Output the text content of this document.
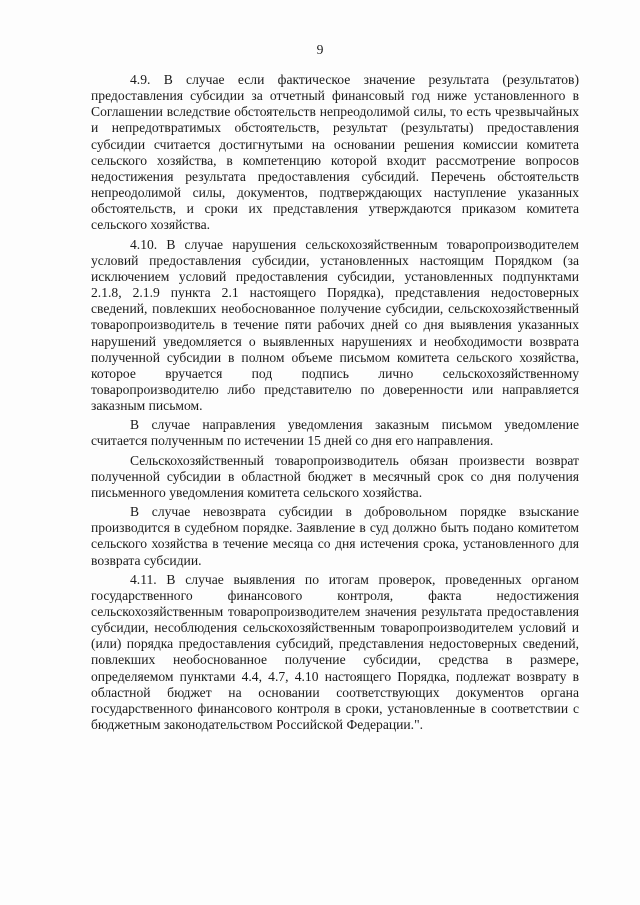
9

4.9. В случае если фактическое значение результата (результатов) предоставления субсидии за отчетный финансовый год ниже установленного в Соглашении вследствие обстоятельств непреодолимой силы, то есть чрезвычайных и непредотвратимых обстоятельств, результат (результаты) предоставления субсидии считается достигнутыми на основании решения комиссии комитета сельского хозяйства, в компетенцию которой входит рассмотрение вопросов недостижения результата предоставления субсидий. Перечень обстоятельств непреодолимой силы, документов, подтверждающих наступление указанных обстоятельств, и сроки их представления утверждаются приказом комитета сельского хозяйства.

4.10. В случае нарушения сельскохозяйственным товаропроизводителем условий предоставления субсидии, установленных настоящим Порядком (за исключением условий предоставления субсидии, установленных подпунктами 2.1.8, 2.1.9 пункта 2.1 настоящего Порядка), представления недостоверных сведений, повлекших необоснованное получение субсидии, сельскохозяйственный товаропроизводитель в течение пяти рабочих дней со дня выявления указанных нарушений уведомляется о выявленных нарушениях и необходимости возврата полученной субсидии в полном объеме письмом комитета сельского хозяйства, которое вручается под подпись лично сельскохозяйственному товаропроизводителю либо представителю по доверенности или направляется заказным письмом.

В случае направления уведомления заказным письмом уведомление считается полученным по истечении 15 дней со дня его направления.

Сельскохозяйственный товаропроизводитель обязан произвести возврат полученной субсидии в областной бюджет в месячный срок со дня получения письменного уведомления комитета сельского хозяйства.

В случае невозврата субсидии в добровольном порядке взыскание производится в судебном порядке. Заявление в суд должно быть подано комитетом сельского хозяйства в течение месяца со дня истечения срока, установленного для возврата субсидии.

4.11. В случае выявления по итогам проверок, проведенных органом государственного финансового контроля, факта недостижения сельскохозяйственным товаропроизводителем значения результата предоставления субсидии, несоблюдения сельскохозяйственным товаропроизводителем условий и (или) порядка предоставления субсидий, представления недостоверных сведений, повлекших необоснованное получение субсидии, средства в размере, определяемом пунктами 4.4, 4.7, 4.10 настоящего Порядка, подлежат возврату в областной бюджет на основании соответствующих документов органа государственного финансового контроля в сроки, установленные в соответствии с бюджетным законодательством Российской Федерации.".
